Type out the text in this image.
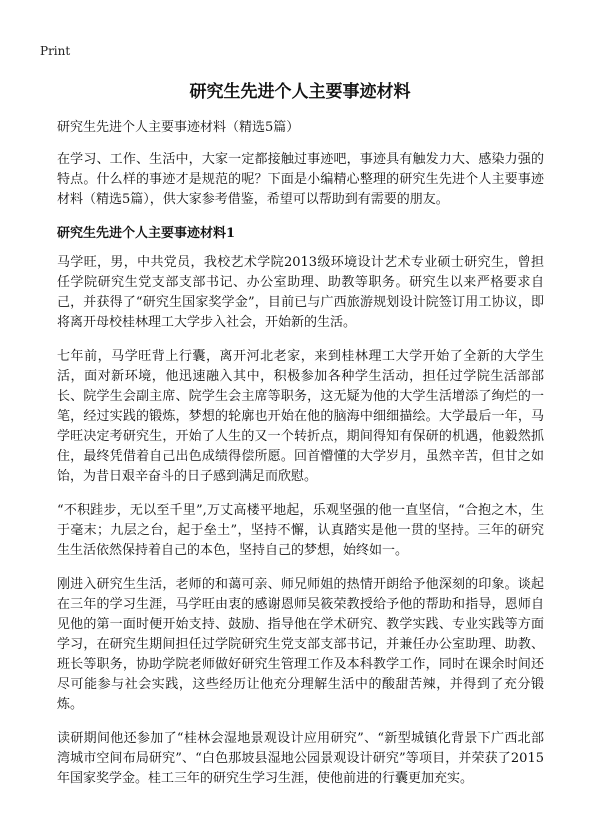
Print
研究生先进个人主要事迹材料

研究生先进个人主要事迹材料（精选5篇）

在学习、工作、生活中，大家一定都接触过事迹吧，事迹具有触发力大、感染力强的特点。什么样的事迹才是规范的呢？下面是小编精心整理的研究生先进个人主要事迹材料（精选5篇），供大家参考借鉴，希望可以帮助到有需要的朋友。

研究生先进个人主要事迹材料1

马学旺，男，中共党员，我校艺术学院2013级环境设计艺术专业硕士研究生，曾担任学院研究生党支部支部书记、办公室助理、助教等职务。研究生以来严格要求自己，并获得了“研究生国家奖学金”，目前已与广西旅游规划设计院签订用工协议，即将离开母校桂林理工大学步入社会，开始新的生活。

七年前，马学旺背上行囊，离开河北老家，来到桂林理工大学开始了全新的大学生活，面对新环境，他迅速融入其中，积极参加各种学生活动，担任过学院生活部部长、院学生会副主席、院学生会主席等职务，这无疑为他的大学生活增添了绚烂的一笔，经过实践的锻炼，梦想的轮廓也开始在他的脑海中细细描绘。大学最后一年，马学旺决定考研究生，开始了人生的又一个转折点，期间得知有保研的机遇，他毅然抓住，最终凭借着自己出色成绩得偿所愿。回首懵懂的大学岁月，虽然辛苦，但甘之如饴，为昔日艰辛奋斗的日子感到满足而欣慰。

“不积跬步，无以至千里”,万丈高楼平地起，乐观坚强的他一直坚信，“合抱之木，生于毫末；九层之台，起于垒土”，坚持不懈，认真踏实是他一贯的坚持。三年的研究生生活依然保持着自己的本色，坚持自己的梦想，始终如一。

刚进入研究生生活，老师的和蔼可亲、师兄师姐的热情开朗给予他深刻的印象。谈起在三年的学习生涯，马学旺由衷的感谢恩师吴筱荣教授给予他的帮助和指导，恩师自见他的第一面时便开始支持、鼓励、指导他在学术研究、教学实践、专业实践等方面学习，在研究生期间担任过学院研究生党支部支部书记，并兼任办公室助理、助教、班长等职务，协助学院老师做好研究生管理工作及本科教学工作，同时在课余时间还尽可能参与社会实践，这些经历让他充分理解生活中的酸甜苦辣，并得到了充分锻炼。

读研期间他还参加了“桂林会湿地景观设计应用研究”、“新型城镇化背景下广西北部湾城市空间布局研究”、“白色那坡县湿地公园景观设计研究”等项目，并荣获了2015年国家奖学金。桂工三年的研究生学习生涯，使他前进的行囊更加充实。
